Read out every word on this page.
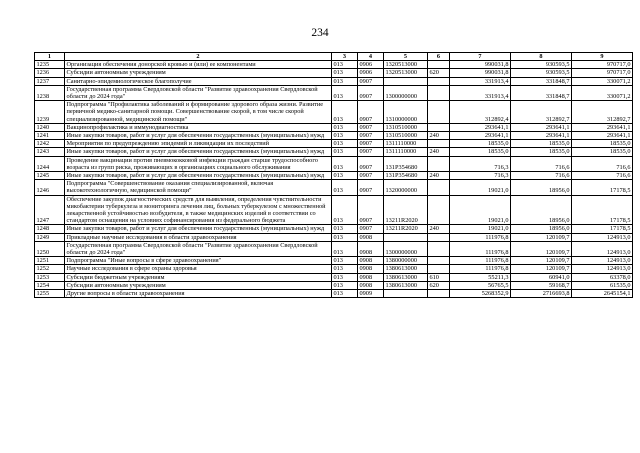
234
1	2	3	4	5	6	7	8	9
1235	Организация обеспечения донорской кровью и (или) ее компонентами	013	0906	1320513000		990031,8	930593,5	970717,0
1236	Субсидии автономным учреждениям	013	0906	1320513000	620	990031,8	930593,5	970717,0
1237	Санитарно-эпидемиологическое благополучие	013	0907			331913,4	331848,7	330071,2
1238	Государственная программа Свердловской области "Развитие здравоохранения Свердловской области до 2024 года"	013	0907	1300000000		331913,4	331848,7	330071,2
1239	Подпрограмма "Профилактика заболеваний и формирование здорового образа жизни. Развитие первичной медико-санитарной помощи. Совершенствование скорой, в том числе скорой специализированной, медицинской помощи"	013	0907	1310000000		312892,4	312892,7	312892,7
1240	Вакцинопрофилактика и иммунодиагностика	013	0907	1310510000		293641,1	293641,1	293641,1
1241	Иные закупки товаров, работ и услуг для обеспечения государственных (муниципальных) нужд	013	0907	1310510000	240	293641,1	293641,1	293641,1
1242	Мероприятия по предупреждению эпидемий и ликвидации их последствий	013	0907	1311110000		18535,0	18535,0	18535,0
1243	Иные закупки товаров, работ и услуг для обеспечения государственных (муниципальных) нужд	013	0907	1311110000	240	18535,0	18535,0	18535,0
1244	Проведение вакцинации против пневмококковой инфекции граждан старше трудоспособного возраста из групп риска, проживающих в организациях социального обслуживания	013	0907	131P354680		716,3	716,6	716,6
1245	Иные закупки товаров, работ и услуг для обеспечения государственных (муниципальных) нужд	013	0907	131P354680	240	716,3	716,6	716,6
1246	Подпрограмма "Совершенствование оказания специализированной, включая высокотехнологичную, медицинской помощи"	013	0907	1320000000		19021,0	18956,0	17178,5
1247	Обеспечение закупок диагностических средств для выявления, определения чувствительности микобактерии туберкулеза и мониторинга лечения лиц, больных туберкулезом с множественной лекарственной устойчивостью возбудителя, в также медицинских изделий в соответствии со стандартом оснащения на условиях софинансирования из федерального бюджета	013	0907	13211R2020		19021,0	18956,0	17178,5
1248	Иные закупки товаров, работ и услуг для обеспечения государственных (муниципальных) нужд	013	0907	13211R2020	240	19021,0	18956,0	17178,5
1249	Прикладные научные исследования в области здравоохранения	013	0908			111976,8	120109,7	124913,0
1250	Государственная программа Свердловской области "Развитие здравоохранения Свердловской области до 2024 года"	013	0908	1300000000		111976,8	120109,7	124913,0
1251	Подпрограмма "Иные вопросы в сфере здравоохранения"	013	0908	1380000000		111976,8	120109,7	124913,0
1252	Научные исследования в сфере охраны здоровья	013	0908	1380613000		111976,8	120109,7	124913,0
1253	Субсидии бюджетным учреждениям	013	0908	1380613000	610	55211,3	60941,0	63378,0
1254	Субсидии автономным учреждениям	013	0908	1380613000	620	56765,5	59168,7	61535,0
1255	Другие вопросы в области здравоохранения	013	0909			5268352,9	2716693,8	2645154,1
